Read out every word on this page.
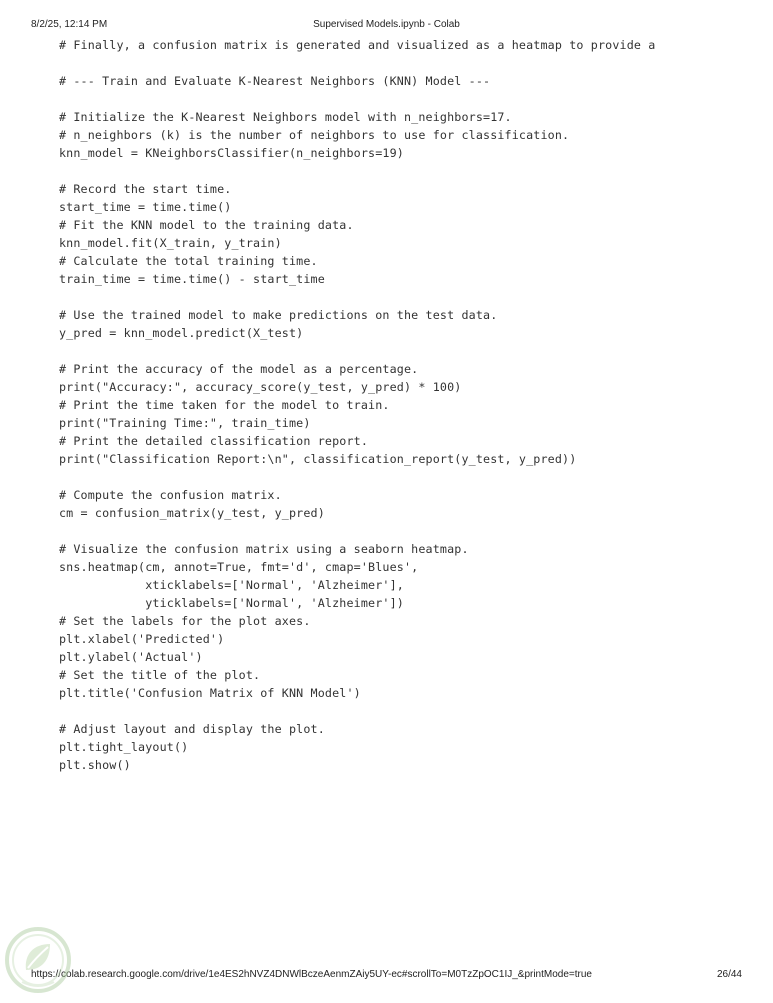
8/2/25, 12:14 PM	Supervised Models.ipynb - Colab
# Finally, a confusion matrix is generated and visualized as a heatmap to provide a
# --- Train and Evaluate K-Nearest Neighbors (KNN) Model ---
# Initialize the K-Nearest Neighbors model with n_neighbors=17.
# n_neighbors (k) is the number of neighbors to use for classification.
knn_model = KNeighborsClassifier(n_neighbors=19)
# Record the start time.
start_time = time.time()
# Fit the KNN model to the training data.
knn_model.fit(X_train, y_train)
# Calculate the total training time.
train_time = time.time() - start_time
# Use the trained model to make predictions on the test data.
y_pred = knn_model.predict(X_test)
# Print the accuracy of the model as a percentage.
print("Accuracy:", accuracy_score(y_test, y_pred) * 100)
# Print the time taken for the model to train.
print("Training Time:", train_time)
# Print the detailed classification report.
print("Classification Report:\n", classification_report(y_test, y_pred))
# Compute the confusion matrix.
cm = confusion_matrix(y_test, y_pred)
# Visualize the confusion matrix using a seaborn heatmap.
sns.heatmap(cm, annot=True, fmt='d', cmap='Blues',
xticklabels=['Normal', 'Alzheimer'],
yticklabels=['Normal', 'Alzheimer'])
# Set the labels for the plot axes.
plt.xlabel('Predicted')
plt.ylabel('Actual')
# Set the title of the plot.
plt.title('Confusion Matrix of KNN Model')
# Adjust layout and display the plot.
plt.tight_layout()
plt.show()
https://colab.research.google.com/drive/1e4ES2hNVZ4DNWlBczeAenmZAiy5UY-ec#scrollTo=M0TzZpOC1IJ_&printMode=true	26/44
